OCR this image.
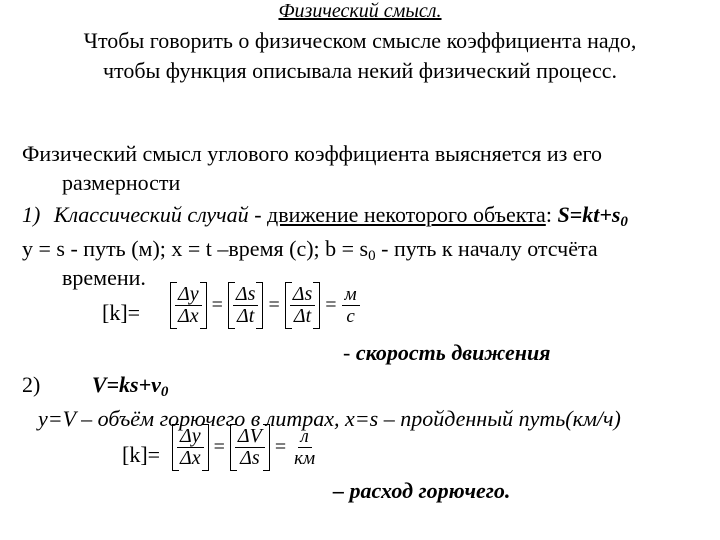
Физический смысл.
Чтобы говорить о физическом смысле коэффициента надо,
чтобы функция описывала некий физический процесс.
Физический смысл углового коэффициента выясняется из его
размерности
1) Классический случай - движение некоторого объекта: $S=kt+s_0$
y = s - путь (м); x = t –время (с); $b = s_0$ - путь к началу отсчёта
времени.
$[k]= \frac{\Delta y}{\Delta x} = \frac{\Delta s}{\Delta t} = \frac{\Delta s}{\Delta t} = \frac{м}{с}$
- скорость движения
2) $V=ks+v_0$
y=V – объём горючего в литрах, x=s – пройденный путь(км/ч)
$[k]= \frac{\Delta y}{\Delta x} = \frac{\Delta V}{\Delta s} = \frac{л}{км}$
– расход горючего.
